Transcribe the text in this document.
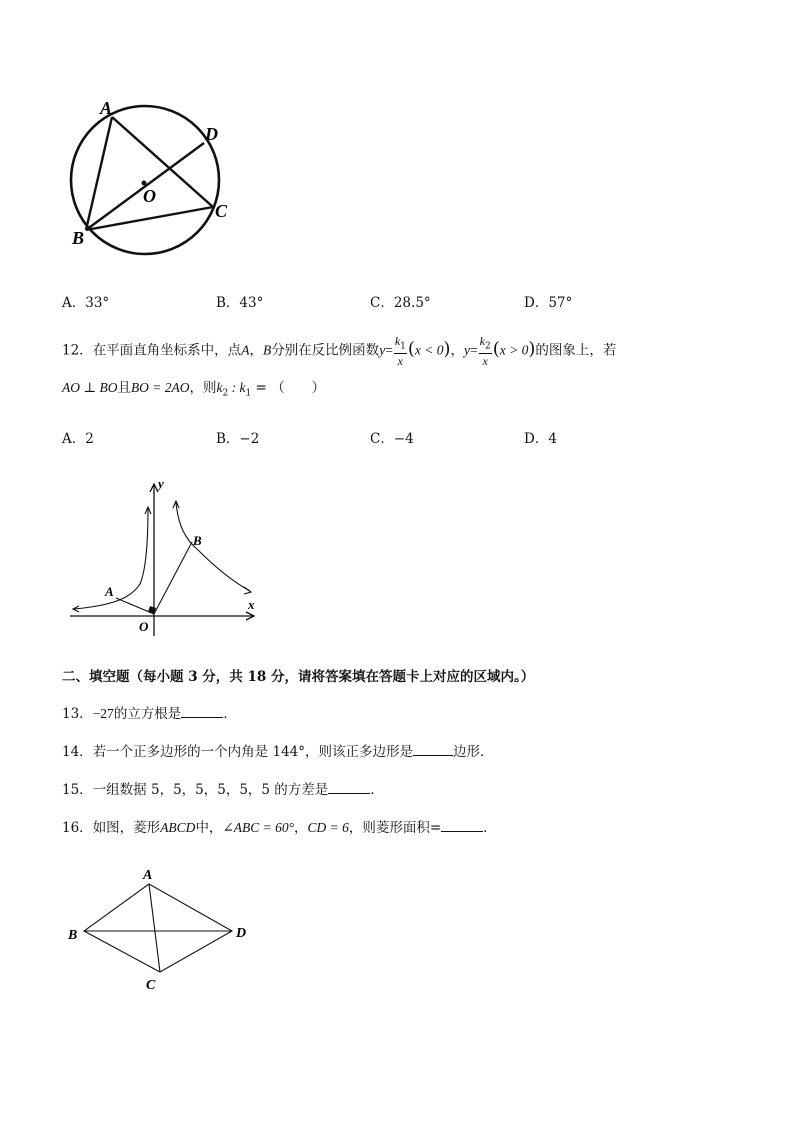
A
D
O
C
B
A．33°	B．43°	C．28.5°	D．57°
12．在平面直角坐标系中，点A，B分别在反比例函数$y= \frac{k_1}{x} (x < 0)$，$y= \frac{k_2}{x} (x > 0)$的图象上，若
AO ⊥ BO且BO = 2AO，则$k_2$ : $k_1$ = （　　）
A．2	B．−2	C．−4	D．4
y
x
O
A
B
二、填空题（每小题 3 分，共 18 分，请将答案填在答题卡上对应的区域内。）
13．−27的立方根是	．
14．若一个正多边形的一个内角是 144°，则该正多边形是	边形．
15．一组数据 5，5，5，5，5，5 的方差是	．
16．如图，菱形ABCD中，∠ABC = 60°，CD = 6，则菱形面积=	．
A
B
C
D
